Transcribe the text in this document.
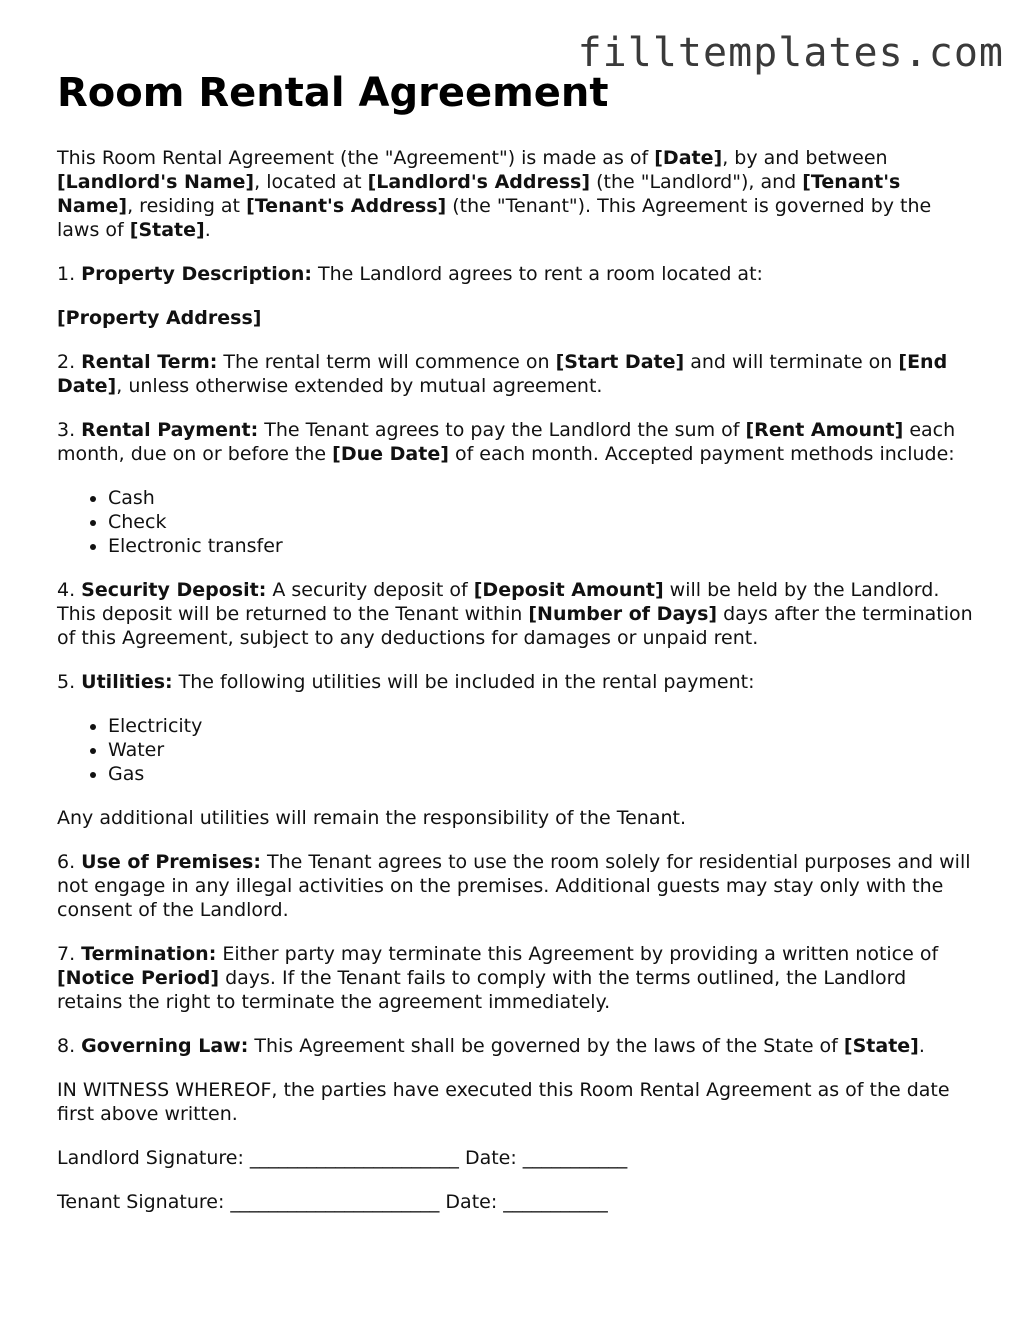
filltemplates.com
Room Rental Agreement

This Room Rental Agreement (the "Agreement") is made as of [Date], by and between [Landlord's Name], located at [Landlord's Address] (the "Landlord"), and [Tenant's Name], residing at [Tenant's Address] (the "Tenant"). This Agreement is governed by the laws of [State].

1. Property Description: The Landlord agrees to rent a room located at:

[Property Address]

2. Rental Term: The rental term will commence on [Start Date] and will terminate on [End Date], unless otherwise extended by mutual agreement.

3. Rental Payment: The Tenant agrees to pay the Landlord the sum of [Rent Amount] each month, due on or before the [Due Date] of each month. Accepted payment methods include:

• Cash
• Check
• Electronic transfer

4. Security Deposit: A security deposit of [Deposit Amount] will be held by the Landlord. This deposit will be returned to the Tenant within [Number of Days] days after the termination of this Agreement, subject to any deductions for damages or unpaid rent.

5. Utilities: The following utilities will be included in the rental payment:

• Electricity
• Water
• Gas

Any additional utilities will remain the responsibility of the Tenant.

6. Use of Premises: The Tenant agrees to use the room solely for residential purposes and will not engage in any illegal activities on the premises. Additional guests may stay only with the consent of the Landlord.

7. Termination: Either party may terminate this Agreement by providing a written notice of [Notice Period] days. If the Tenant fails to comply with the terms outlined, the Landlord retains the right to terminate the agreement immediately.

8. Governing Law: This Agreement shall be governed by the laws of the State of [State].

IN WITNESS WHEREOF, the parties have executed this Room Rental Agreement as of the date first above written.

Landlord Signature: ______________________ Date: ___________

Tenant Signature: ______________________ Date: ___________
